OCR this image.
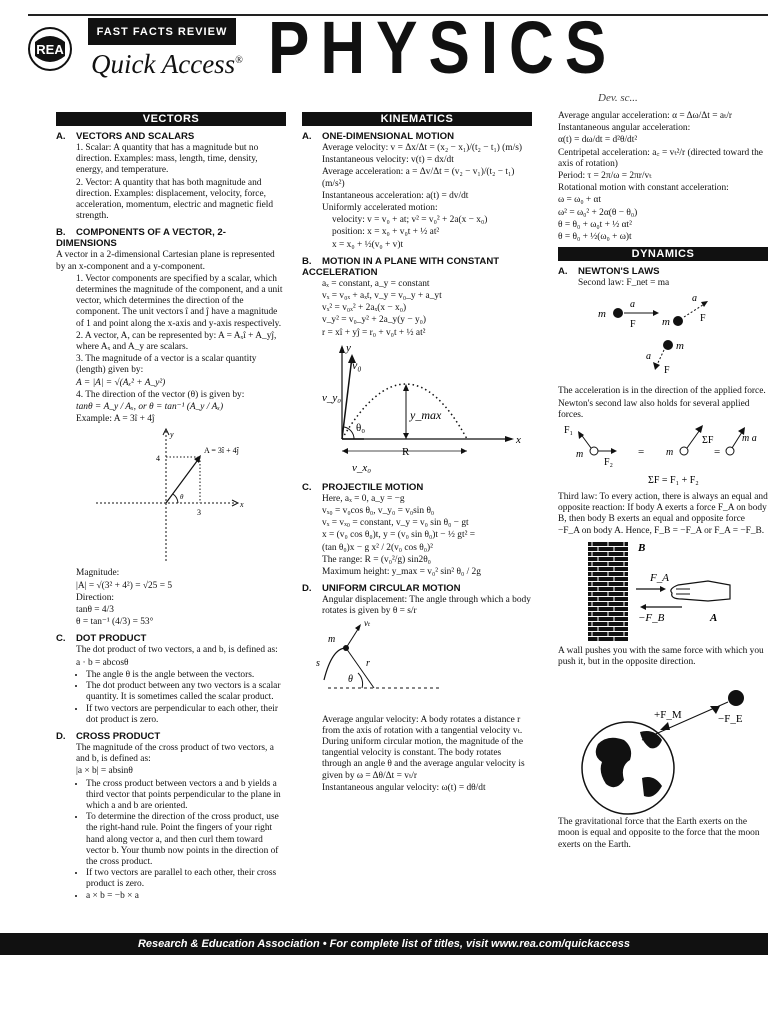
REA
FAST FACTS REVIEW
Quick Access® PHYSICS
Dev. sc...
VECTORS
A. VECTORS AND SCALARS
1. Scalar: A quantity that has a magnitude but no direction. Examples: mass, length, time, density, energy, and temperature.
2. Vector: A quantity that has both magnitude and direction. Examples: displacement, velocity, force, acceleration, momentum, electric and magnetic field strength.
B. COMPONENTS OF A VECTOR, 2-DIMENSIONS
A vector in a 2-dimensional Cartesian plane is represented by an x-component and a y-component.
1. Vector components are specified by a scalar, which determines the magnitude of the component, and a unit vector, which determines the direction of the component. The unit vectors î and ĵ have a magnitude of 1 and point along the x-axis and y-axis respectively.
2. A vector, A, can be represented by: A = Aₓî + A_yĵ, where Aₓ and A_y are scalars.
3. The magnitude of a vector is a scalar quantity (length) given by:
A = |A| = √(Aₓ² + A_y²)
4. The direction of the vector (θ) is given by:
tanθ = A_y / Aₓ, or θ = tan⁻¹ (A_y / Aₓ)
Example: A = 3î + 4ĵ
A = 3î + 4ĵ
y
x
4
3
θ
Magnitude:
|A| = √(3² + 4²) = √25 = 5
Direction:
tanθ = 4/3
θ = tan⁻¹ (4/3) = 53°
C. DOT PRODUCT
The dot product of two vectors, a and b, is defined as:
a · b = abcosθ
• The angle θ is the angle between the vectors.
• The dot product between any two vectors is a scalar quantity. It is sometimes called the scalar product.
• If two vectors are perpendicular to each other, their dot product is zero.
D. CROSS PRODUCT
The magnitude of the cross product of two vectors, a and b, is defined as:
|a × b| = absinθ
• The cross product between vectors a and b yields a third vector that points perpendicular to the plane in which a and b are oriented.
• To determine the direction of the cross product, use the right-hand rule. Point the fingers of your right hand along vector a, and then curl them toward vector b. Your thumb now points in the direction of the cross product.
• If two vectors are parallel to each other, their cross product is zero.
• a × b = −b × a
KINEMATICS
A. ONE-DIMENSIONAL MOTION
Average velocity: v = Δx/Δt = (x₂ − x₁)/(t₂ − t₁) (m/s)
Instantaneous velocity: v(t) = dx/dt
Average acceleration: a = Δv/Δt = (v₂ − v₁)/(t₂ − t₁) (m/s²)
Instantaneous acceleration: a(t) = dv/dt
Uniformly accelerated motion:
velocity: v = v₀ + at; v² = v₀² + 2a(x − x₀)
position: x = x₀ + v₀t + ½ at²
x = x₀ + ½(v₀ + v)t
B. MOTION IN A PLANE WITH CONSTANT ACCELERATION
aₓ = constant, a_y = constant
vₓ = v₀ₓ + aₓt, v_y = v₀_y + a_yt
vₓ² = v₀ₓ² + 2aₓ(x − x₀)
v_y² = v₀_y² + 2a_y(y − y₀)
r = xî + yĵ = r₀ + v₀t + ½ at²
y
x
v₀
v_y₀
θ₀
y_max
R
v_x₀
C. PROJECTILE MOTION
Here, aₓ = 0, a_y = −g
vₓ₀ = v₀cos θ₀, v_y₀ = v₀sin θ₀
vₓ = vₓ₀ = constant, v_y = v₀ sin θ₀ − gt
x = (v₀ cos θ₀)t, y = (v₀ sin θ₀)t − ½ gt² =
(tan θ₀)x − g x² / 2(v₀ cos θ₀)²
The range: R = (v₀²/g) sin2θ₀
Maximum height: y_max = v₀² sin² θ₀ / 2g
D. UNIFORM CIRCULAR MOTION
Angular displacement: The angle through which a body rotates is given by θ = s/r
m
vₜ
s	r
θ
Average angular velocity: A body rotates a distance r from the axis of rotation with a tangential velocity vₜ. During uniform circular motion, the magnitude of the tangential velocity is constant. The body rotates through an angle θ and the average angular velocity is given by ω = Δθ/Δt = vₜ/r
Instantaneous angular velocity: ω(t) = dθ/dt
Average angular acceleration: α = Δω/Δt = aₜ/r
Instantaneous angular acceleration:
α(t) = dω/dt = d²θ/dt²
Centripetal acceleration: a꜀ = vₜ²/r (directed toward the axis of rotation)
Period: τ = 2π/ω = 2πr/vₜ
Rotational motion with constant acceleration:
ω = ω₀ + αt
ω² = ω₀² + 2α(θ − θ₀)
θ = θ₀ + ω₀t + ½ αt²
θ = θ₀ + ½(ω₀ + ω)t
DYNAMICS
A. NEWTON'S LAWS
Second law: F_net = ma
m
a
F m
a
F
m
a
F
The acceleration is in the direction of the applied force.
Newton's second law also holds for several applied forces.
F₁
F₂
m	= m
ΣF
=
m a
ΣF = F₁ + F₂
Third law: To every action, there is always an equal and opposite reaction: If body A exerts a force F_A on body B, then body B exerts an equal and opposite force −F_A on body A. Hence, F_B = −F_A or F_A = −F_B.
B
F_A
−F_B	A
A wall pushes you with the same force with which you push it, but in the opposite direction.
+F_M	−F_E
The gravitational force that the Earth exerts on the moon is equal and opposite to the force that the moon exerts on the Earth.
Research & Education Association • For complete list of titles, visit www.rea.com/quickaccess
